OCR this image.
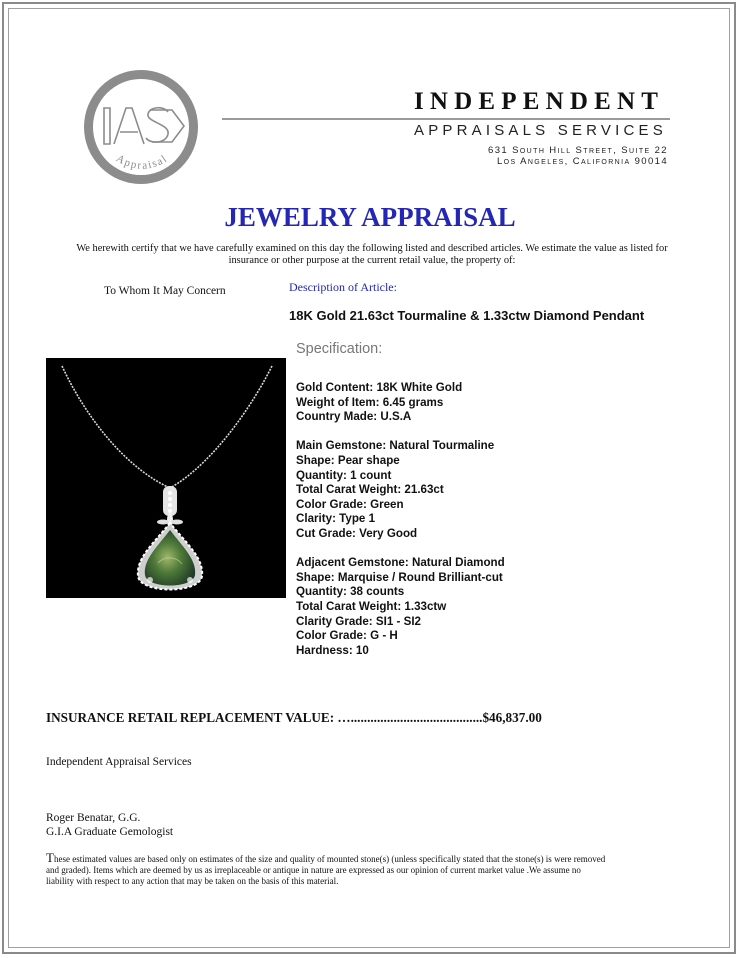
Appraisal
INDEPENDENT
APPRAISALS SERVICES
631 South Hill Street, Suite 22
Los Angeles, California 90014
JEWELRY APPRAISAL
We herewith certify that we have carefully examined on this day the following listed and described articles. We estimate the value as listed for insurance or other purpose at the current retail value, the property of:
To Whom It May Concern	Description of Article:
18K Gold 21.63ct Tourmaline & 1.33ctw Diamond Pendant
Specification:
Gold Content: 18K White Gold
Weight of Item: 6.45 grams
Country Made: U.S.A
Main Gemstone: Natural Tourmaline
Shape: Pear shape
Quantity: 1 count
Total Carat Weight: 21.63ct
Color Grade: Green
Clarity: Type 1
Cut Grade: Very Good
Adjacent Gemstone: Natural Diamond
Shape: Marquise / Round Brilliant-cut
Quantity: 38 counts
Total Carat Weight: 1.33ctw
Clarity Grade: SI1 - SI2
Color Grade: G - H
Hardness: 10
INSURANCE RETAIL REPLACEMENT VALUE: …........................................$46,837.00
Independent Appraisal Services
Roger Benatar, G.G.
G.I.A Graduate Gemologist
These estimated values are based only on estimates of the size and quality of mounted stone(s) (unless specifically stated that the stone(s) is were removed and graded). Items which are deemed by us as irreplaceable or antique in nature are expressed as our opinion of current market value .We assume no liability with respect to any action that may be taken on the basis of this material.
